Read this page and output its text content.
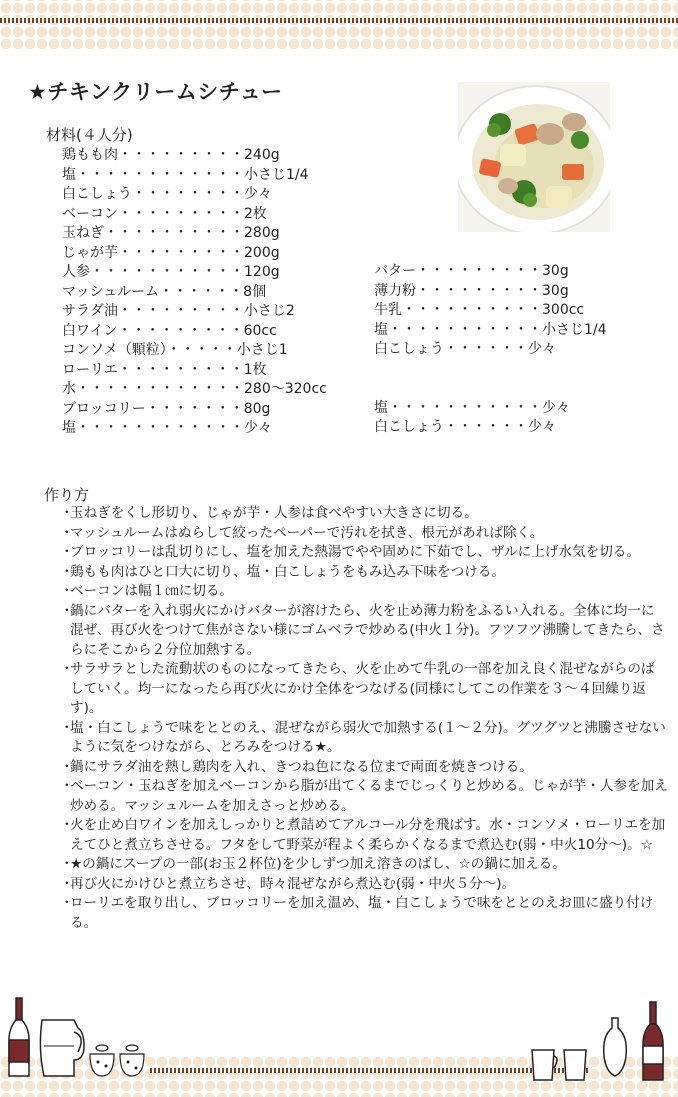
★チキンクリームシチュー
材料(４人分)
鶏もも肉・・・・・・・・・240g
塩・・・・・・・・・・・・小さじ1/4
白こしょう・・・・・・・・少々
ベーコン・・・・・・・・・2枚
玉ねぎ・・・・・・・・・・280g
じゃが芋・・・・・・・・・200g
人参・・・・・・・・・・・120g
マッシュルーム・・・・・・8個
サラダ油・・・・・・・・・小さじ2
白ワイン・・・・・・・・・60cc
コンソメ（顆粒）・・・・・小さじ1
ローリエ・・・・・・・・・1枚
水・・・・・・・・・・・・280～320cc
ブロッコリー・・・・・・・80g
塩・・・・・・・・・・・・少々
バター・・・・・・・・・30g
薄力粉・・・・・・・・・30g
牛乳・・・・・・・・・・300cc
塩・・・・・・・・・・・小さじ1/4
白こしょう・・・・・・少々
塩・・・・・・・・・・・少々
白こしょう・・・・・・少々
作り方
・
玉ねぎをくし形切り、じゃが芋・人参は食べやすい大きさに切る。
・
マッシュルームはぬらして絞ったペーパーで汚れを拭き、根元があれば除く。
・
ブロッコリーは乱切りにし、塩を加えた熱湯でやや固めに下茹でし、ザルに上げ水気を切る。
・
鶏もも肉はひと口大に切り、塩・白こしょうをもみ込み下味をつける。
・
ベーコンは幅１㎝に切る。
・
鍋にバターを入れ弱火にかけバターが溶けたら、火を止め薄力粉をふるい入れる。全体に均一に混ぜ、再び火をつけて焦がさない様にゴムベラで炒める(中火１分)。フツフツ沸騰してきたら、さらにそこから２分位加熱する。
・
サラサラとした流動状のものになってきたら、火を止めて牛乳の一部を加え良く混ぜながらのばしていく。均一になったら再び火にかけ全体をつなげる(同様にしてこの作業を３～４回繰り返す)。
・
塩・白こしょうで味をととのえ、混ぜながら弱火で加熱する(１～２分)。グツグツと沸騰させないように気をつけながら、とろみをつける★。
・
鍋にサラダ油を熱し鶏肉を入れ、きつね色になる位まで両面を焼きつける。
・
ベーコン・玉ねぎを加えベーコンから脂が出てくるまでじっくりと炒める。じゃが芋・人参を加え炒める。マッシュルームを加えさっと炒める。
・
火を止め白ワインを加えしっかりと煮詰めてアルコール分を飛ばす。水・コンソメ・ローリエを加えてひと煮立ちさせる。フタをして野菜が程よく柔らかくなるまで煮込む(弱・中火10分～)。☆
・
★の鍋にスープの一部(お玉２杯位)を少しずつ加え溶きのばし、☆の鍋に加える。
・
再び火にかけひと煮立ちさせ、時々混ぜながら煮込む(弱・中火５分～)。
・
ローリエを取り出し、ブロッコリーを加え温め、塩・白こしょうで味をととのえお皿に盛り付ける。
